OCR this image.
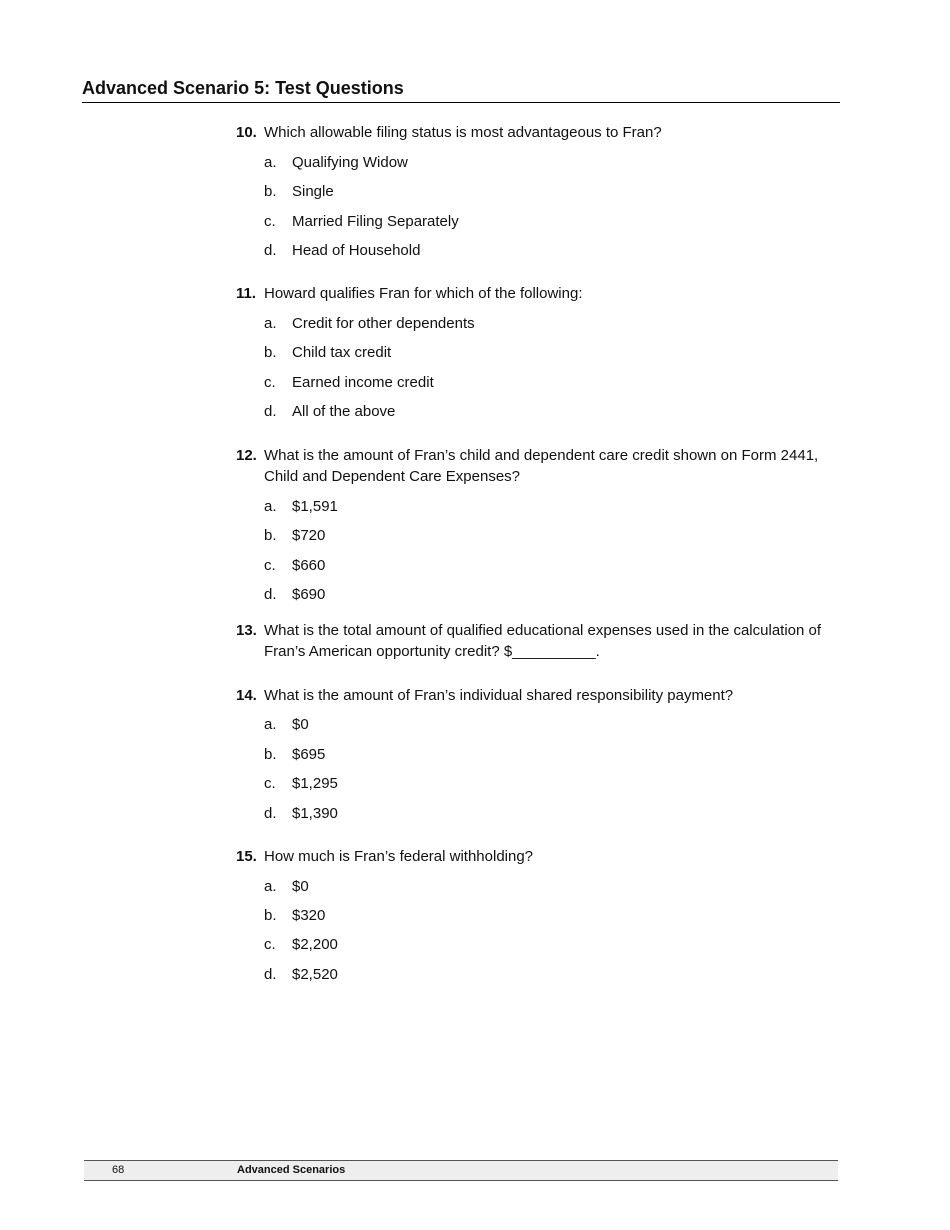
Advanced Scenario 5: Test Questions
10. Which allowable filing status is most advantageous to Fran?
a. Qualifying Widow
b. Single
c. Married Filing Separately
d. Head of Household
11. Howard qualifies Fran for which of the following:
a. Credit for other dependents
b. Child tax credit
c. Earned income credit
d. All of the above
12. What is the amount of Fran’s child and dependent care credit shown on Form 2441, Child and Dependent Care Expenses?
a. $1,591
b. $720
c. $660
d. $690
13. What is the total amount of qualified educational expenses used in the calculation of Fran’s American opportunity credit? $__________.
14. What is the amount of Fran’s individual shared responsibility payment?
a. $0
b. $695
c. $1,295
d. $1,390
15. How much is Fran’s federal withholding?
a. $0
b. $320
c. $2,200
d. $2,520
68	Advanced Scenarios
